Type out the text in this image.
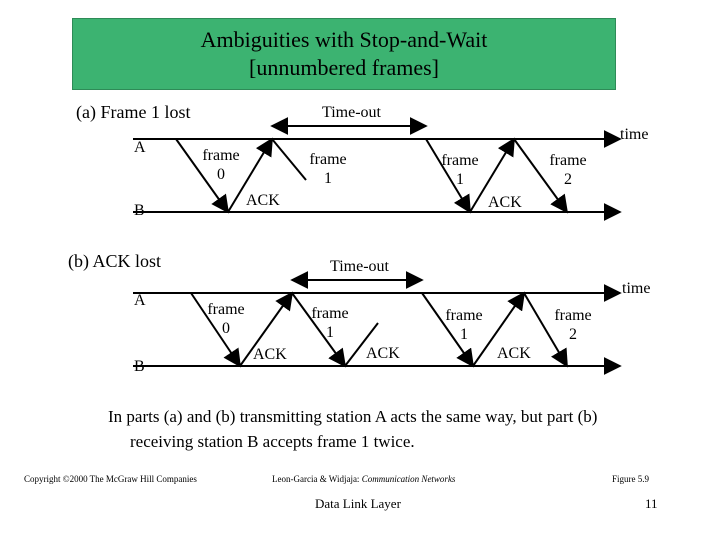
Ambiguities with Stop-and-Wait
[unnumbered frames]
(a) Frame 1 lost	Time-out
time
A
B
frame
0
frame
1
frame
1
frame
2
ACK	ACK
(b) ACK lost	Time-out
time
A
B
frame
0
frame
1
frame
1
frame
2
ACK	ACK	ACK
In parts (a) and (b) transmitting station A acts the same way, but part (b)
receiving station B accepts frame 1 twice.
Copyright ©2000 The McGraw Hill Companies	Leon-Garcia & Widjaja: Communication Networks	Figure 5.9
Data Link Layer	11
